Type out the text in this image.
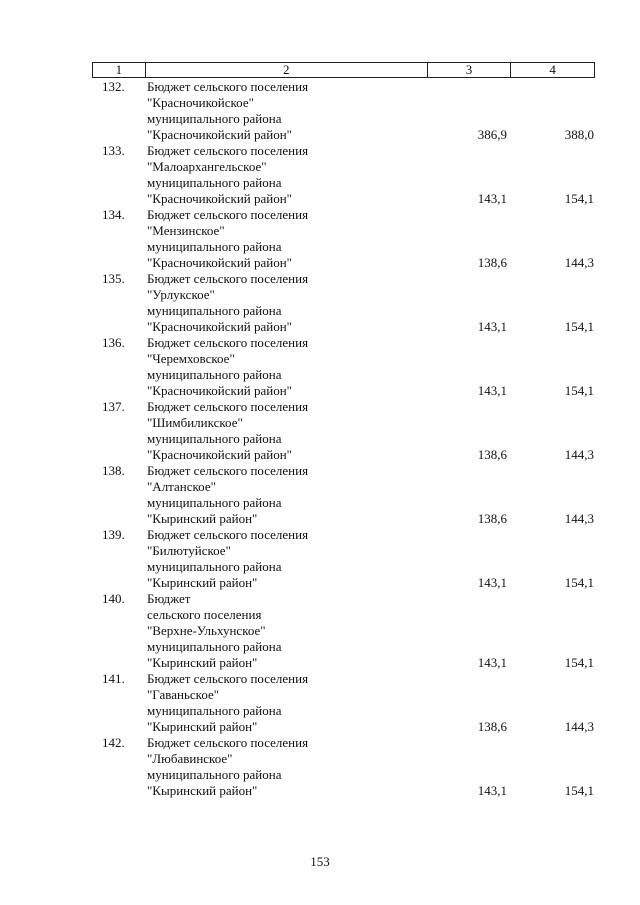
1	2	3	4
132. Бюджет сельского поселения
"Красночикойское"
муниципального района
"Красночикойский район"	386,9	388,0
133. Бюджет сельского поселения
"Малоархангельское"
муниципального района
"Красночикойский район"	143,1	154,1
134. Бюджет сельского поселения
"Мензинское"
муниципального района
"Красночикойский район"	138,6	144,3
135. Бюджет сельского поселения
"Урлукское"
муниципального района
"Красночикойский район"	143,1	154,1
136. Бюджет сельского поселения
"Черемховское"
муниципального района
"Красночикойский район"	143,1	154,1
137. Бюджет сельского поселения
"Шимбиликское"
муниципального района
"Красночикойский район"	138,6	144,3
138. Бюджет сельского поселения
"Алтанское"
муниципального района
"Кыринский район"	138,6	144,3
139. Бюджет сельского поселения
"Билютуйское"
муниципального района
"Кыринский район"	143,1	154,1
140. Бюджет
сельского поселения
"Верхне-Ульхунское"
муниципального района
"Кыринский район"	143,1	154,1
141. Бюджет сельского поселения
"Гаваньское"
муниципального района
"Кыринский район"	138,6	144,3
142. Бюджет сельского поселения
"Любавинское"
муниципального района
"Кыринский район"	143,1	154,1
153
